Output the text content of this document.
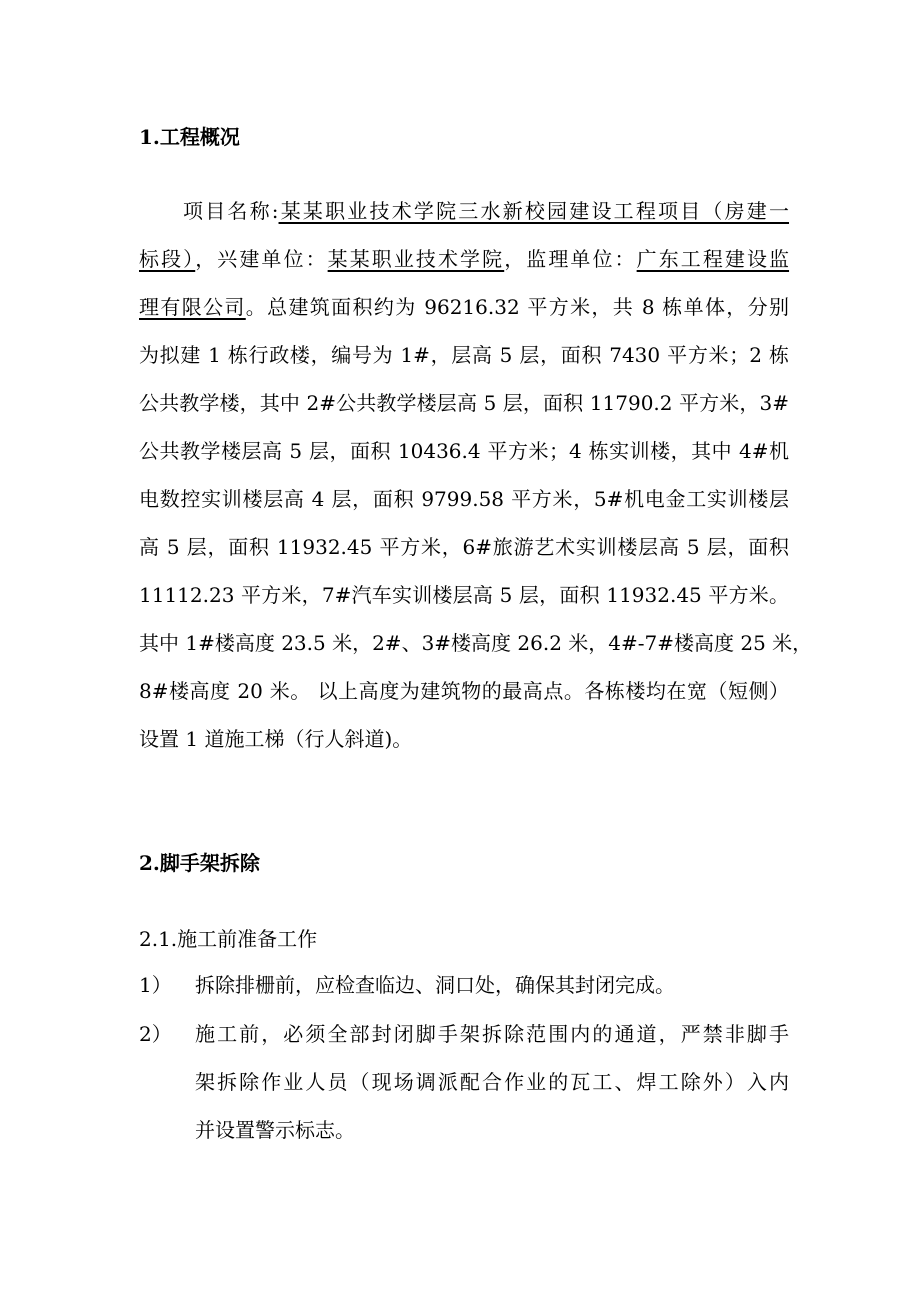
1.工程概况
项目名称:某某职业技术学院三水新校园建设工程项目（房建一
标段），兴建单位：某某职业技术学院，监理单位：广东工程建设监
理有限公司。总建筑面积约为 96216.32 平方米，共 8 栋单体，分别
为拟建 1 栋行政楼，编号为 1#，层高 5 层，面积 7430 平方米；2 栋
公共教学楼，其中 2#公共教学楼层高 5 层，面积 11790.2 平方米，3#
公共教学楼层高 5 层，面积 10436.4 平方米；4 栋实训楼，其中 4#机
电数控实训楼层高 4 层，面积 9799.58 平方米，5#机电金工实训楼层
高 5 层，面积 11932.45 平方米，6#旅游艺术实训楼层高 5 层，面积
11112.23 平方米，7#汽车实训楼层高 5 层，面积 11932.45 平方米。
其中 1#楼高度 23.5 米，2#、3#楼高度 26.2 米，4#-7#楼高度 25 米，
8#楼高度 20 米。 以上高度为建筑物的最高点。各栋楼均在宽（短侧）
设置 1 道施工梯（行人斜道)。
2.脚手架拆除
2.1.施工前准备工作
1）	拆除排栅前，应检查临边、洞口处，确保其封闭完成。
2）	施工前，必须全部封闭脚手架拆除范围内的通道，严禁非脚手
架拆除作业人员（现场调派配合作业的瓦工、焊工除外）入内
并设置警示标志。
